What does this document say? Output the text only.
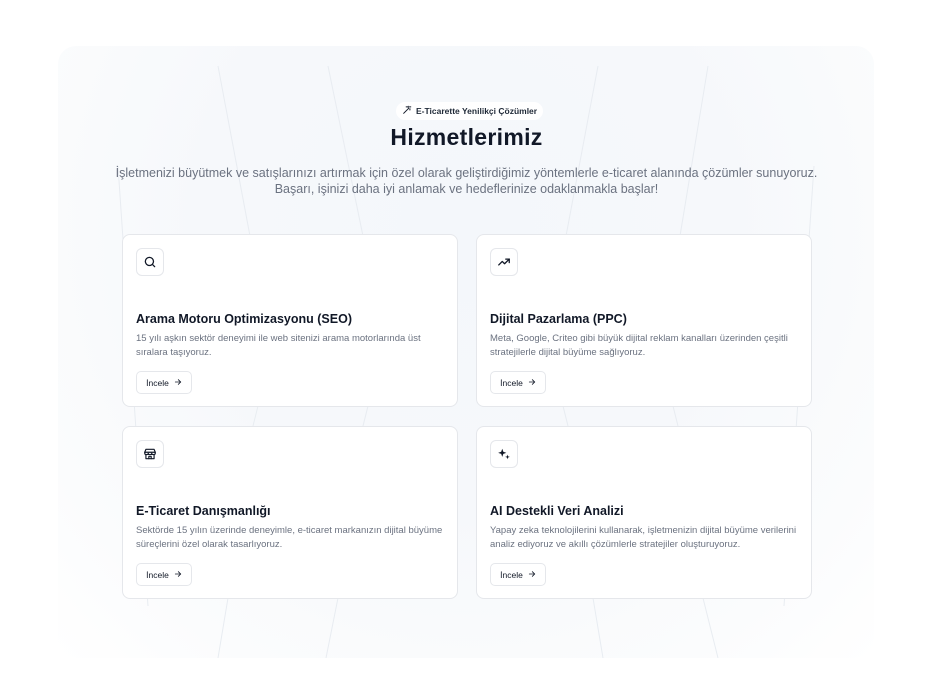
E-Ticarette Yenilikçi Çözümler
Hizmetlerimiz

İşletmenizi büyütmek ve satışlarınızı artırmak için özel olarak geliştirdiğimiz yöntemlerle e-ticaret alanında çözümler sunuyoruz. Başarı, işinizi daha iyi anlamak ve hedeflerinize odaklanmakla başlar!

Arama Motoru Optimizasyonu (SEO)

15 yılı aşkın sektör deneyimi ile web sitenizi arama motorlarında üst sıralara taşıyoruz.

İncele
Dijital Pazarlama (PPC)

Meta, Google, Criteo gibi büyük dijital reklam kanalları üzerinden çeşitli stratejilerle dijital büyüme sağlıyoruz.

İncele
E-Ticaret Danışmanlığı

Sektörde 15 yılın üzerinde deneyimle, e-ticaret markanızın dijital büyüme süreçlerini özel olarak tasarlıyoruz.

İncele
AI Destekli Veri Analizi

Yapay zeka teknolojilerini kullanarak, işletmenizin dijital büyüme verilerini analiz ediyoruz ve akıllı çözümlerle stratejiler oluşturuyoruz.

İncele
